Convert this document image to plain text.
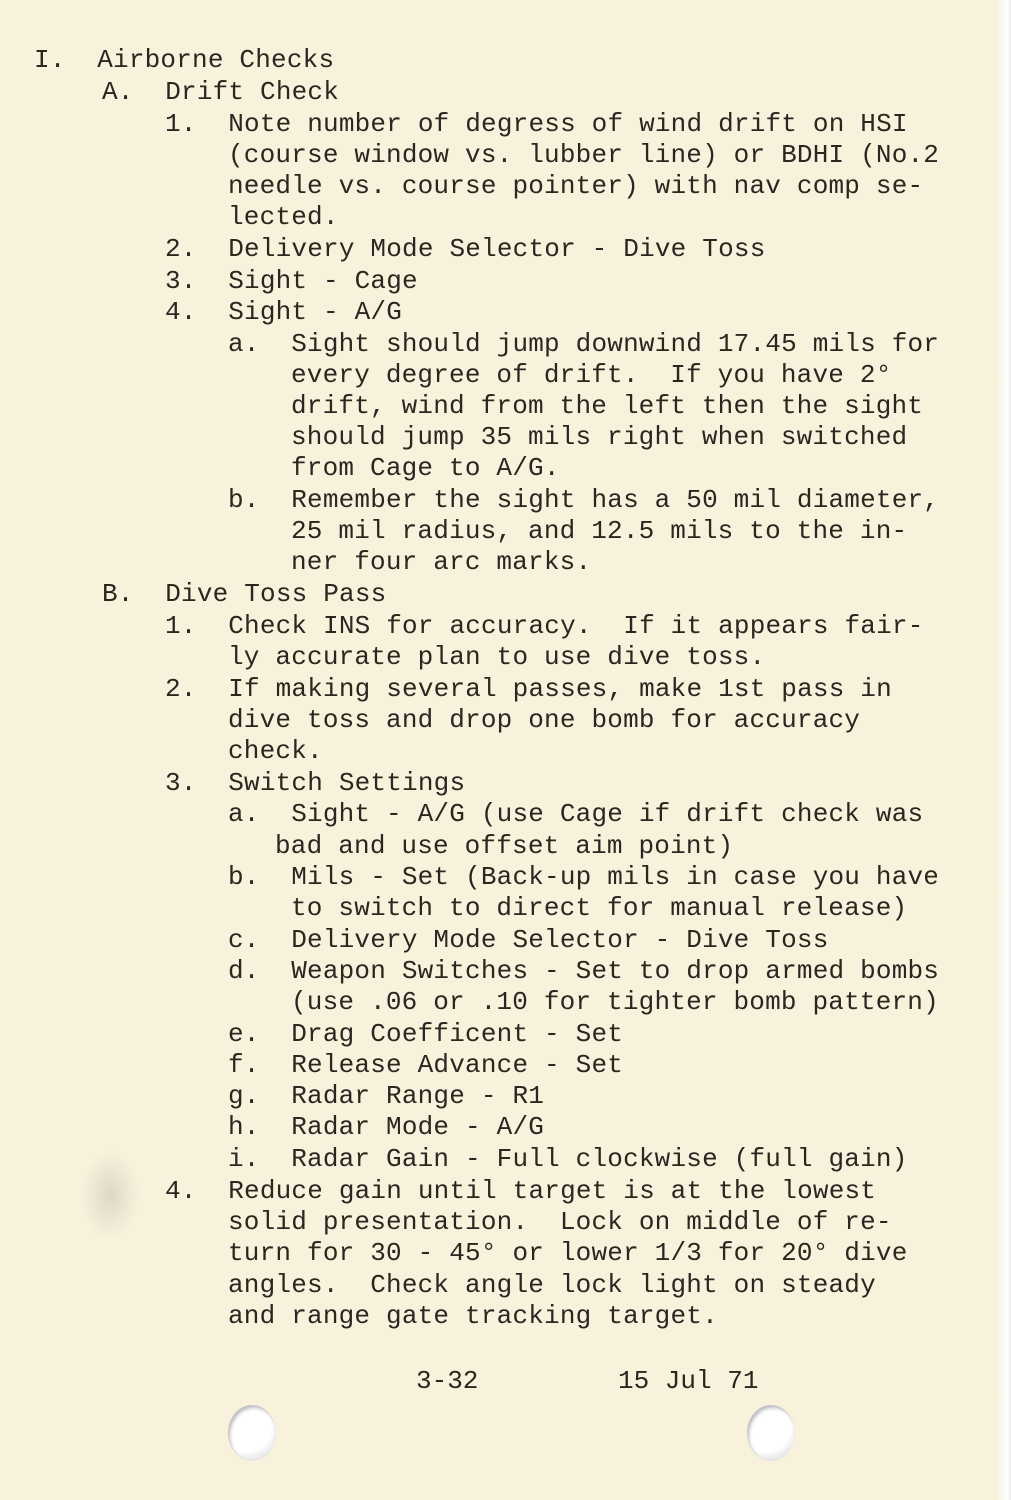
I.  Airborne Checks
A.  Drift Check
1.  Note number of degress of wind drift on HSI
(course window vs. lubber line) or BDHI (No.2
needle vs. course pointer) with nav comp se-
lected.
2.  Delivery Mode Selector - Dive Toss
3.  Sight - Cage
4.  Sight - A/G
a.  Sight should jump downwind 17.45 mils for
every degree of drift.  If you have 2°
drift, wind from the left then the sight
should jump 35 mils right when switched
from Cage to A/G.
b.  Remember the sight has a 50 mil diameter,
25 mil radius, and 12.5 mils to the in-
ner four arc marks.
B.  Dive Toss Pass
1.  Check INS for accuracy.  If it appears fair-
ly accurate plan to use dive toss.
2.  If making several passes, make 1st pass in
dive toss and drop one bomb for accuracy
check.
3.  Switch Settings
a.  Sight - A/G (use Cage if drift check was
bad and use offset aim point)
b.  Mils - Set (Back-up mils in case you have
to switch to direct for manual release)
c.  Delivery Mode Selector - Dive Toss
d.  Weapon Switches - Set to drop armed bombs
(use .06 or .10 for tighter bomb pattern)
e.  Drag Coefficent - Set
f.  Release Advance - Set
g.  Radar Range - R1
h.  Radar Mode - A/G
i.  Radar Gain - Full clockwise (full gain)
4.  Reduce gain until target is at the lowest
solid presentation.  Lock on middle of re-
turn for 30 - 45° or lower 1/3 for 20° dive
angles.  Check angle lock light on steady
and range gate tracking target.
3-32	15 Jul 71
